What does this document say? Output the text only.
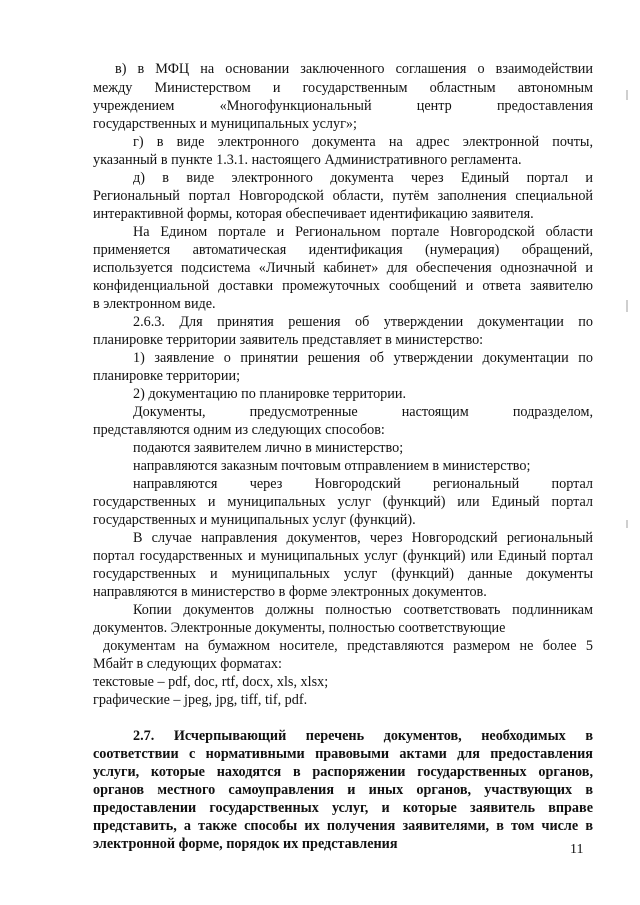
в) в МФЦ на основании заключенного соглашения о взаимодействии
между Министерством и государственным областным автономным
учреждением «Многофункциональный центр предоставления
государственных и муниципальных услуг»;
г) в виде электронного документа на адрес электронной почты,
указанный в пункте 1.3.1. настоящего Административного регламента.
д) в виде электронного документа через Единый портал и
Региональный портал Новгородской области, путём заполнения специальной
интерактивной формы, которая обеспечивает идентификацию заявителя.
На Едином портале и Региональном портале Новгородской области
применяется автоматическая идентификация (нумерация) обращений,
используется подсистема «Личный кабинет» для обеспечения однозначной и
конфиденциальной доставки промежуточных сообщений и ответа заявителю
в электронном виде.
2.6.3. Для принятия решения об утверждении документации по
планировке территории заявитель представляет в министерство:
1) заявление о принятии решения об утверждении документации по
планировке территории;
2) документацию по планировке территории.
Документы, предусмотренные настоящим подразделом,
представляются одним из следующих способов:
подаются заявителем лично в министерство;
направляются заказным почтовым отправлением в министерство;
направляются через Новгородский региональный портал
государственных и муниципальных услуг (функций) или Единый портал
государственных и муниципальных услуг (функций).
В случае направления документов, через Новгородский региональный
портал государственных и муниципальных услуг (функций) или Единый портал
государственных и муниципальных услуг (функций) данные документы
направляются в министерство в форме электронных документов.
Копии документов должны полностью соответствовать подлинникам
документов. Электронные документы, полностью соответствующие
документам на бумажном носителе, представляются размером не более 5
Мбайт в следующих форматах:
текстовые – pdf, doc, rtf, docx, xls, xlsx;
графические – jpeg, jpg, tiff, tif, pdf.
2.7. Исчерпывающий перечень документов, необходимых в
соответствии с нормативными правовыми актами для предоставления
услуги, которые находятся в распоряжении государственных органов,
органов местного самоуправления и иных органов, участвующих в
предоставлении государственных услуг, и которые заявитель вправе
представить, а также способы их получения заявителями, в том числе в
электронной форме, порядок их представления	11
